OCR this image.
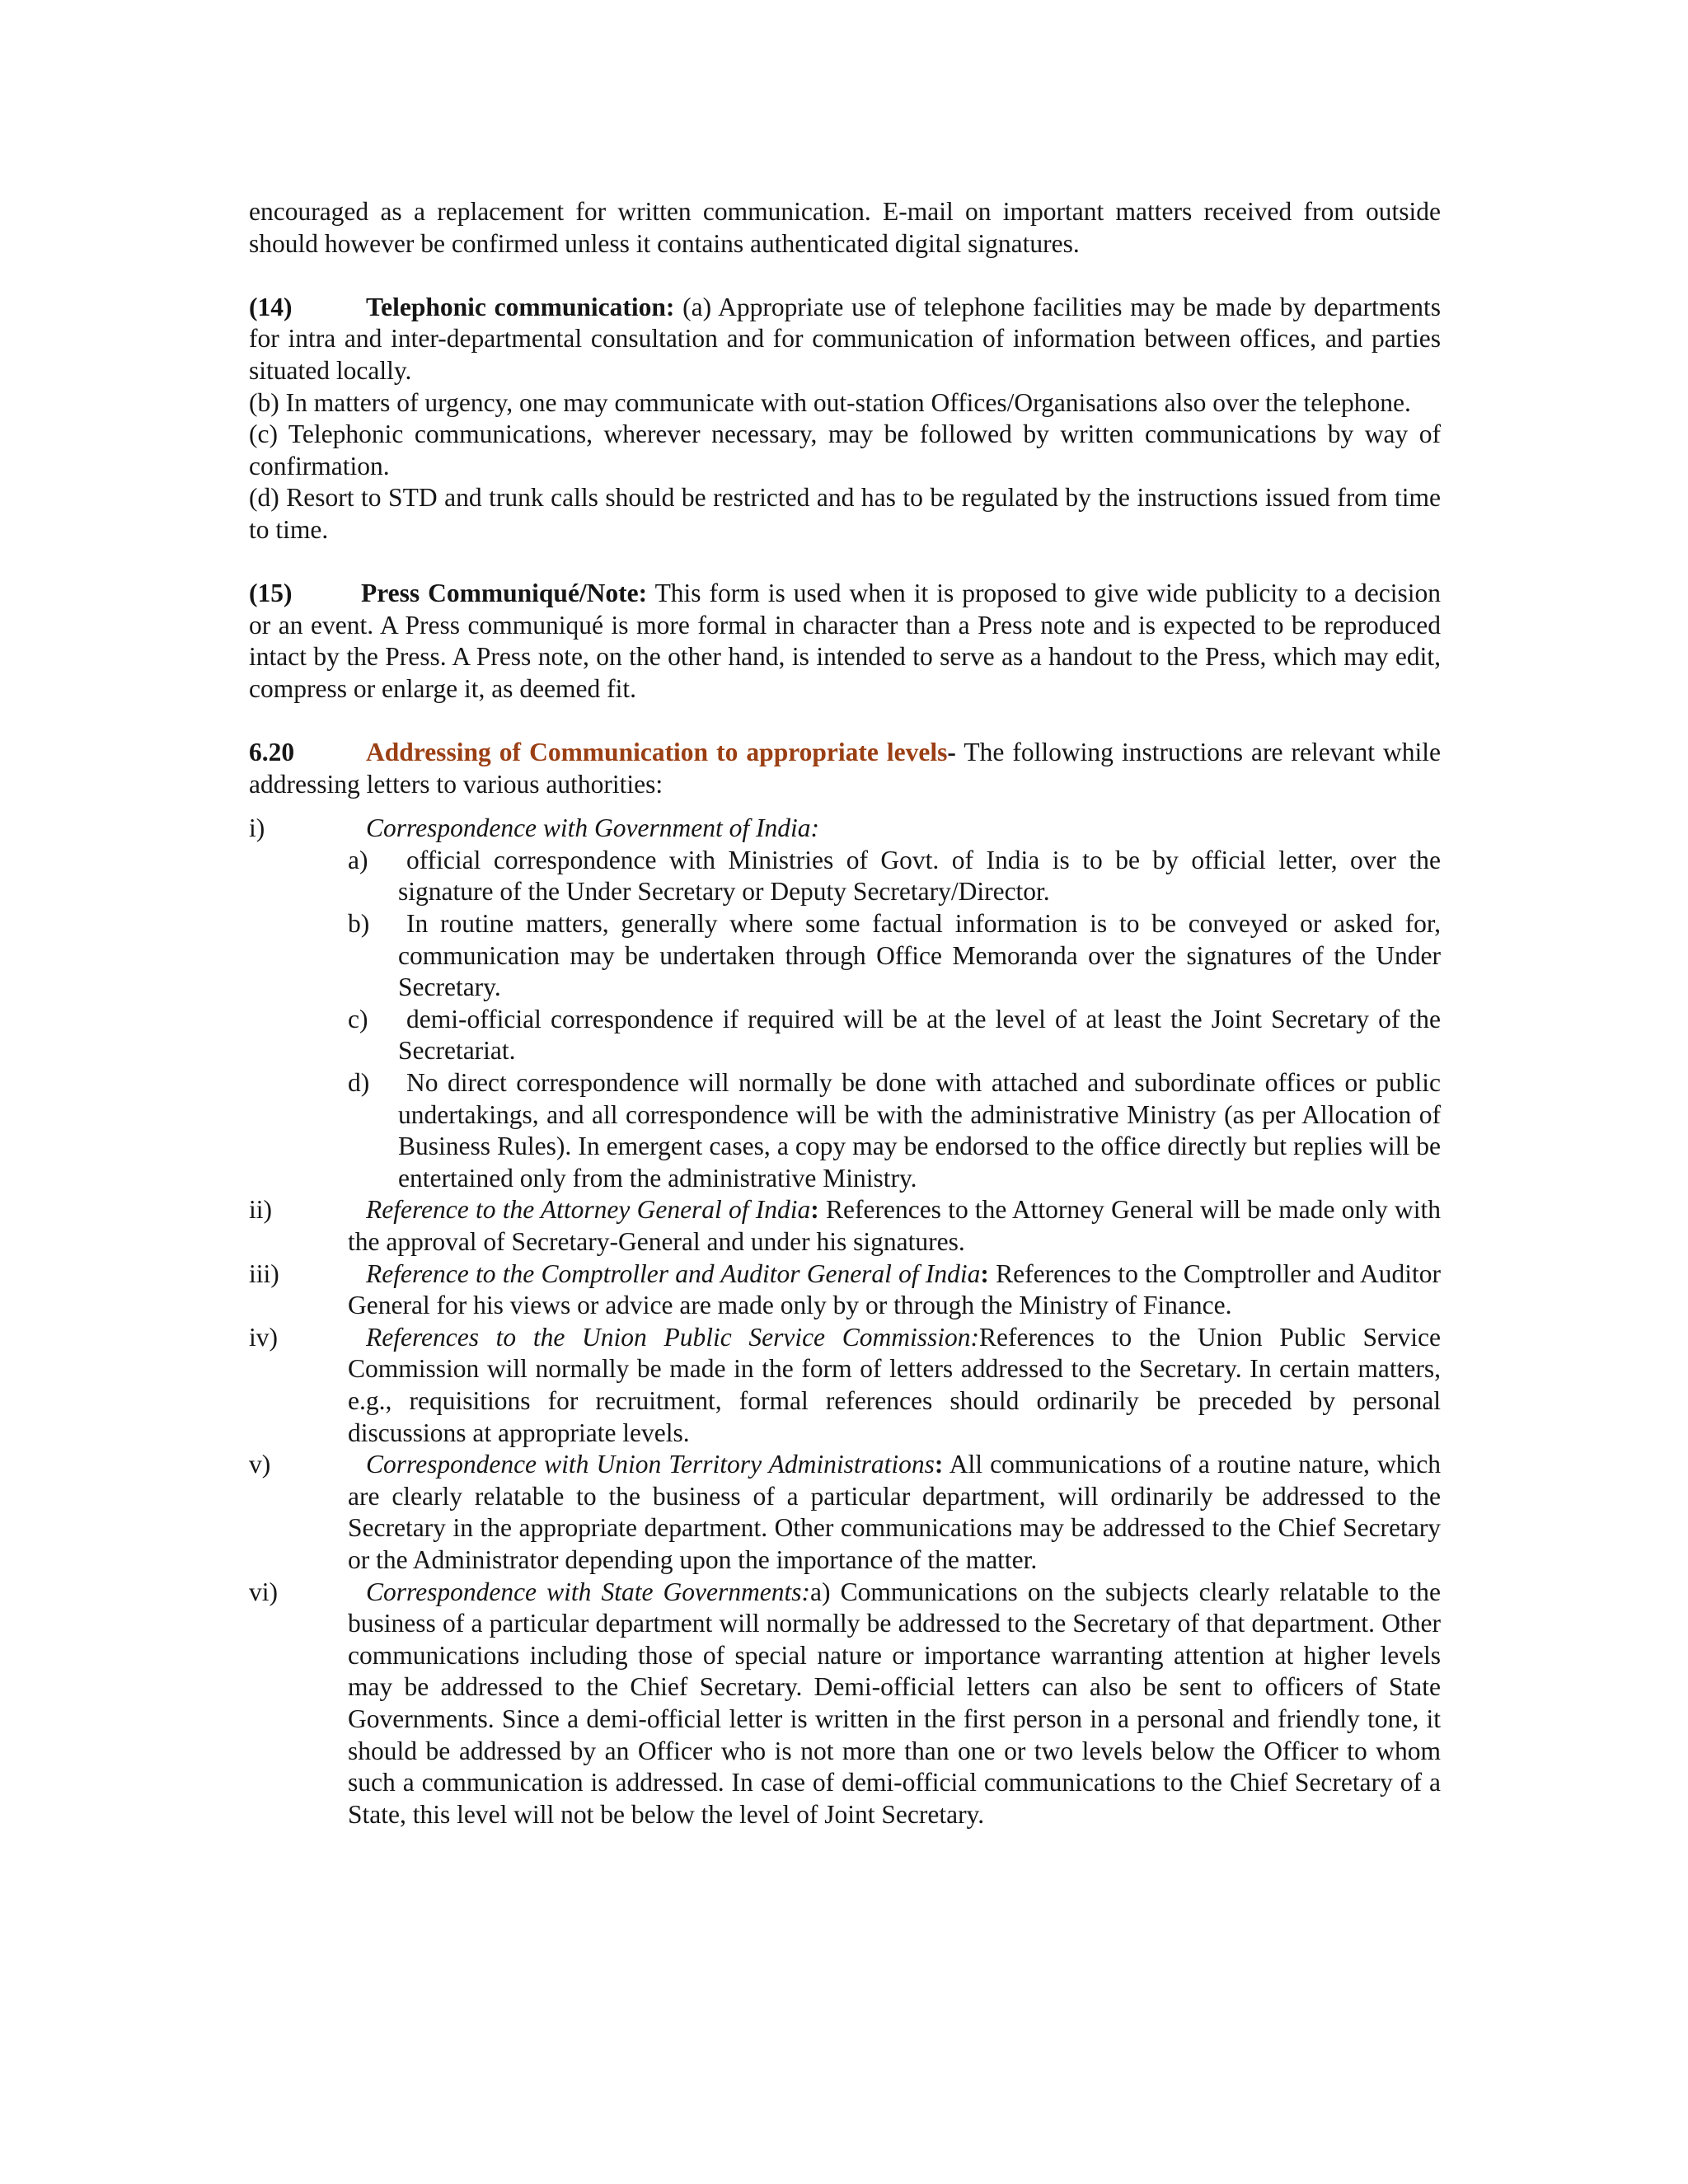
encouraged as a replacement for written communication. E-mail on important matters received from outside should however be confirmed unless it contains authenticated digital signatures.

(14)	Telephonic communication: (a) Appropriate use of telephone facilities may be made by departments for intra and inter-departmental consultation and for communication of information between offices, and parties situated locally.

(b) In matters of urgency, one may communicate with out-station Offices/Organisations also over the telephone.

(c) Telephonic communications, wherever necessary, may be followed by written communications by way of confirmation.

(d) Resort to STD and trunk calls should be restricted and has to be regulated by the instructions issued from time to time.

(15)	Press Communiqué/Note: This form is used when it is proposed to give wide publicity to a decision or an event. A Press communiqué is more formal in character than a Press note and is expected to be reproduced intact by the Press. A Press note, on the other hand, is intended to serve as a handout to the Press, which may edit, compress or enlarge it, as deemed fit.

6.20	Addressing of Communication to appropriate levels- The following instructions are relevant while addressing letters to various authorities:

i)	Correspondence with Government of India:
a)	official correspondence with Ministries of Govt. of India is to be by official letter, over the signature of the Under Secretary or Deputy Secretary/Director.
b)	In routine matters, generally where some factual information is to be conveyed or asked for, communication may be undertaken through Office Memoranda over the signatures of the Under Secretary.
c)	demi-official correspondence if required will be at the level of at least the Joint Secretary of the Secretariat.
d)	No direct correspondence will normally be done with attached and subordinate offices or public undertakings, and all correspondence will be with the administrative Ministry (as per Allocation of Business Rules). In emergent cases, a copy may be endorsed to the office directly but replies will be entertained only from the administrative Ministry.
ii)	Reference to the Attorney General of India: References to the Attorney General will be made only with the approval of Secretary-General and under his signatures.
iii)	Reference to the Comptroller and Auditor General of India: References to the Comptroller and Auditor General for his views or advice are made only by or through the Ministry of Finance.
iv)	References to the Union Public Service Commission:References to the Union Public Service Commission will normally be made in the form of letters addressed to the Secretary. In certain matters, e.g., requisitions for recruitment, formal references should ordinarily be preceded by personal discussions at appropriate levels.
v)	Correspondence with Union Territory Administrations: All communications of a routine nature, which are clearly relatable to the business of a particular department, will ordinarily be addressed to the Secretary in the appropriate department. Other communications may be addressed to the Chief Secretary or the Administrator depending upon the importance of the matter.
vi)	Correspondence with State Governments:a) Communications on the subjects clearly relatable to the business of a particular department will normally be addressed to the Secretary of that department. Other communications including those of special nature or importance warranting attention at higher levels may be addressed to the Chief Secretary. Demi-official letters can also be sent to officers of State Governments. Since a demi-official letter is written in the first person in a personal and friendly tone, it should be addressed by an Officer who is not more than one or two levels below the Officer to whom such a communication is addressed. In case of demi-official communications to the Chief Secretary of a State, this level will not be below the level of Joint Secretary.
